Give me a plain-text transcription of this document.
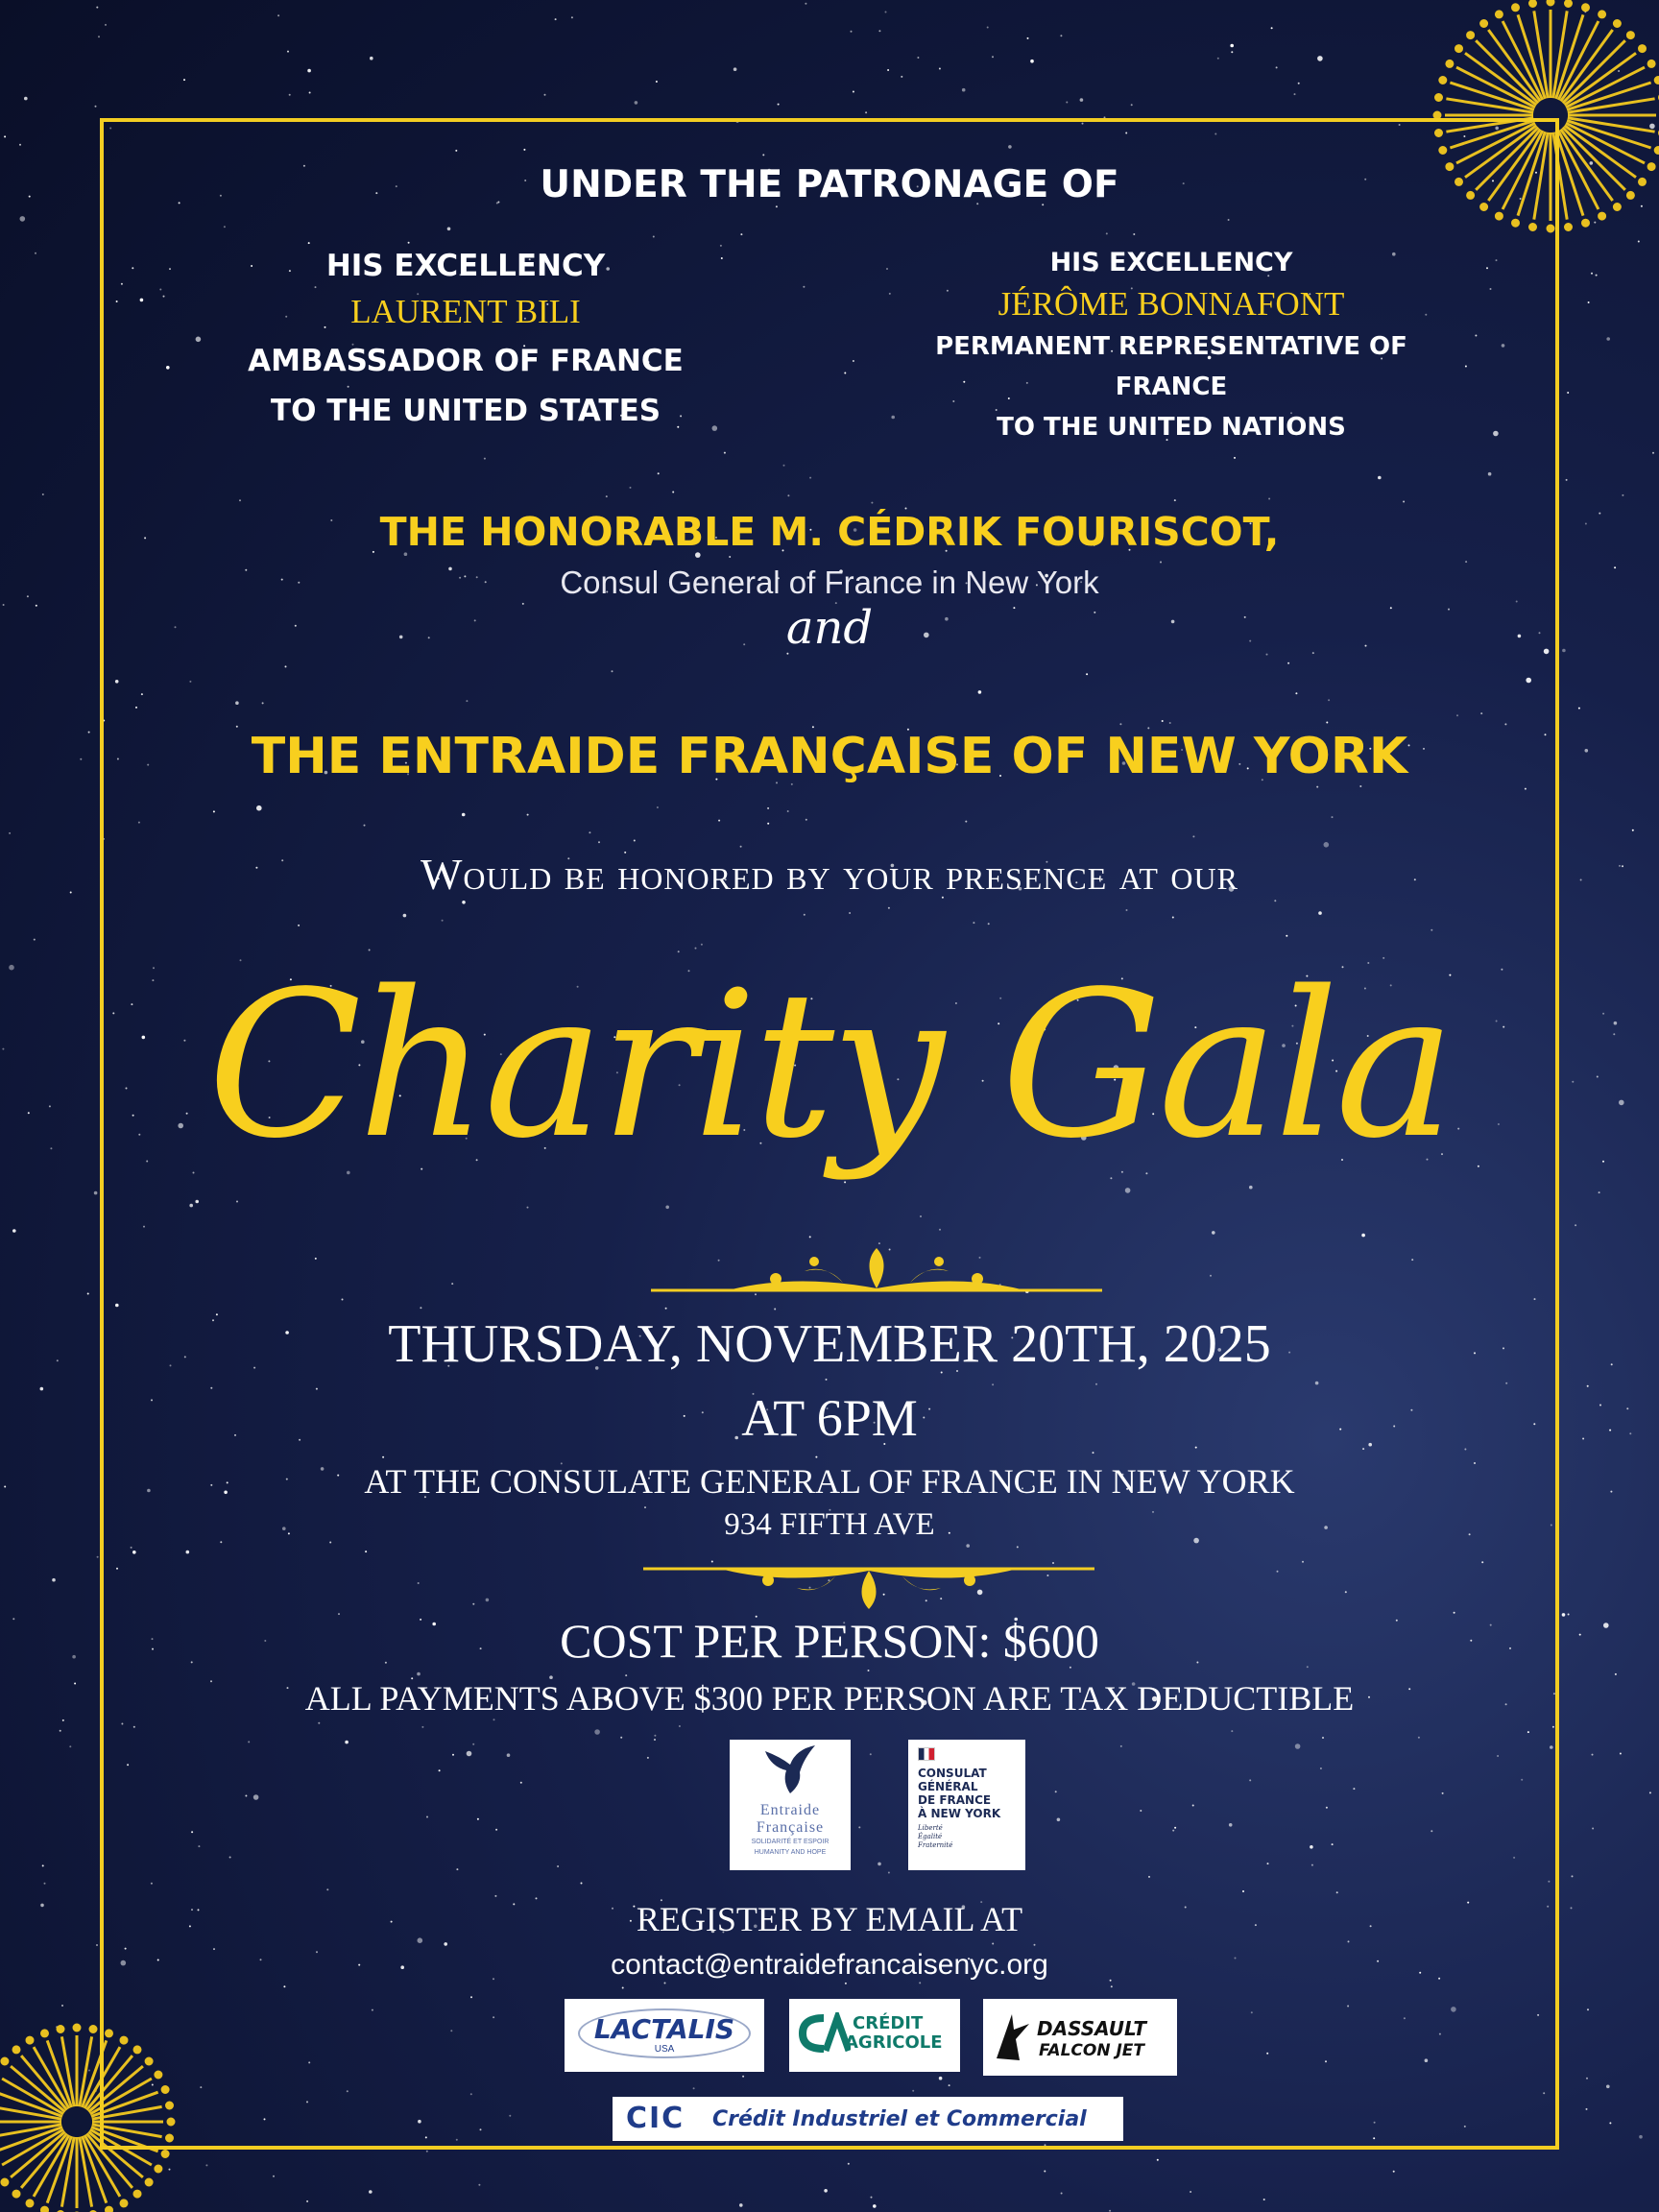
UNDER THE PATRONAGE OF
HIS EXCELLENCY
LAURENT BILI
AMBASSADOR OF FRANCE
TO THE UNITED STATES
HIS EXCELLENCY
JÉRÔME BONNAFONT
PERMANENT REPRESENTATIVE OF
FRANCE
TO THE UNITED NATIONS
THE HONORABLE M. CÉDRIK FOURISCOT,
Consul General of France in New York
and
THE ENTRAIDE FRANÇAISE OF NEW YORK
Would be honored by your presence at our
Charity Gala
THURSDAY, NOVEMBER 20TH, 2025
AT 6PM
AT THE CONSULATE GENERAL OF FRANCE IN NEW YORK
934 FIFTH AVE
COST PER PERSON: $600
ALL PAYMENTS ABOVE $300 PER PERSON ARE TAX DEDUCTIBLE
Entraide
Française
SOLIDARITÉ ET ESPOIR
HUMANITY AND HOPE
CONSULAT
GÉNÉRAL
DE FRANCE
À NEW YORK
Liberté
Égalité
Fraternité
REGISTER BY EMAIL AT
contact@entraidefrancaisenyc.org
LACTALIS
USA
CRÉDIT
AGRICOLE
DASSAULT
FALCON JET
CIC Crédit Industriel et Commercial
